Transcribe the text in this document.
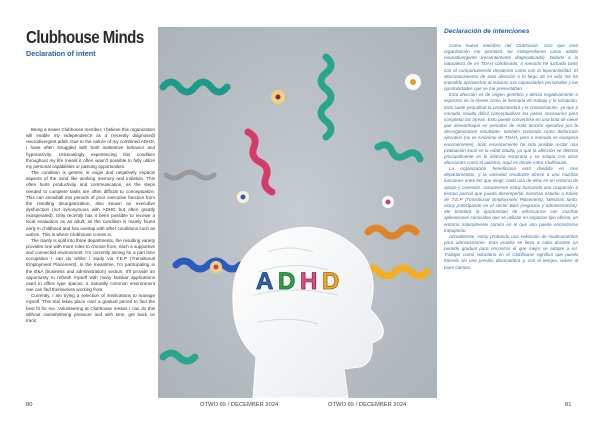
Clubhouse Minds
Declaration of intent

Being a newer Clubhouse member, I believe this organization will enable my independence as a (recently diagnosed) neurodivergent adult. Due to the nature of my combined ADHD, I have often struggled with both inattentive behavior and hyperactivity. Unknowingly experiencing this condition throughout my life meant it often wasn't possible to fully utilize my personal capabilities or passing opportunities.

The condition is genetic in origin and negatively impacts aspects of the mind like working memory and initiation. This often hurts productivity and communication, as the steps needed to complete tasks are often difficult to conceptualize. This can snowball into periods of poor executive function from the resulting disorganization, also known as executive dysfunction (not synonymous with ADHD but often greatly exasperated). Only recently has it been possible to receive a local evaluation as an adult, as the condition is mainly found early in childhood and has overlap with other conditions such as autism. This is where Clubhouse comes in.

The clarity is split into three departments, the resulting variety provides one with more roles to choose from, each a supportive and connected environment. I'm currently aiming for a part time occupation I can do whilst I study via T.E.P (Transitional Employment Placement). In the meantime, I'm participating in the B&A (business and administration) section. It'll provide an opportunity to refresh myself with many familiar applications used in office type spaces, a naturally common environment one can find themselves working from.

Currently, I am trying a selection of medications to manage myself. This trial takes place over a gradual period to find the best fit for me. Volunteering at Clubhouse means I can do this without overwhelming pressure and with time, get back on track.

A D H D
Declaración de intenciones

Como nuevo miembro del Clubhouse, creo que esta organización me permitirá ser independiente como adulto neurodivergente (recientemente diagnosticado). Debido a la naturaleza de mi TDAH combinado, a menudo he luchado tanto con el comportamiento desatento como con la hiperactividad. El desconocimiento de esta afección a lo largo de mi vida me ha impedido aprovechar al máximo mis capacidades personales y las oportunidades que se me presentaban.

Esta afección es de origen genético y afecta negativamente a aspectos de la mente como la memoria de trabajo y la iniciación. Esto suele perjudicar la productividad y la comunicación, ya que a menudo resulta difícil conceptualizar los pasos necesarios para completar las tareas. Esto puede convertirse en una bola de nieve que desemboque en periodos de mala función ejecutiva por la desorganización resultante, también conocida como disfunción ejecutiva (no es sinónimo de TDAH, pero a menudo se exaspera enormemente). Sólo recientemente ha sido posible recibir una evaluación local en la edad adulta, ya que la afección se detecta principalmente en la infancia temprana y se solapa con otras afecciones como el autismo. Aquí es donde entra Clubhouse.

La organización beneficiaria está dividida en tres departamentos, y la variedad resultante ofrece a uno muchas funciones entre las que elegir, cada una de ellas en un entorno de apoyo y conexión. Actualmente estoy buscando una ocupación a tiempo parcial que pueda desempeñar mientras estudio a través de T.E.P (Transitional Employment Placement). Mientras tanto, estoy participando en el sector B&A (negocios y administración). Me brindará la oportunidad de refrescarme con muchas aplicaciones conocidas que se utilizan en espacios tipo oficina, un entorno naturalmente común en el que uno puede encontrarse trabajando.

Actualmente, estoy probando una selección de medicamentos para administrarme. Esta prueba se lleva a cabo durante un periodo gradual para encontrar el que mejor se adapte a mí. Trabajar como voluntario en el Clubhouse significa que puedo hacerlo sin una presión abrumadora y, con el tiempo, volver al buen camino.

80	OTWO 65 / DECEMBER 2024	OTWO 65 / DECEMBER 2024	81
